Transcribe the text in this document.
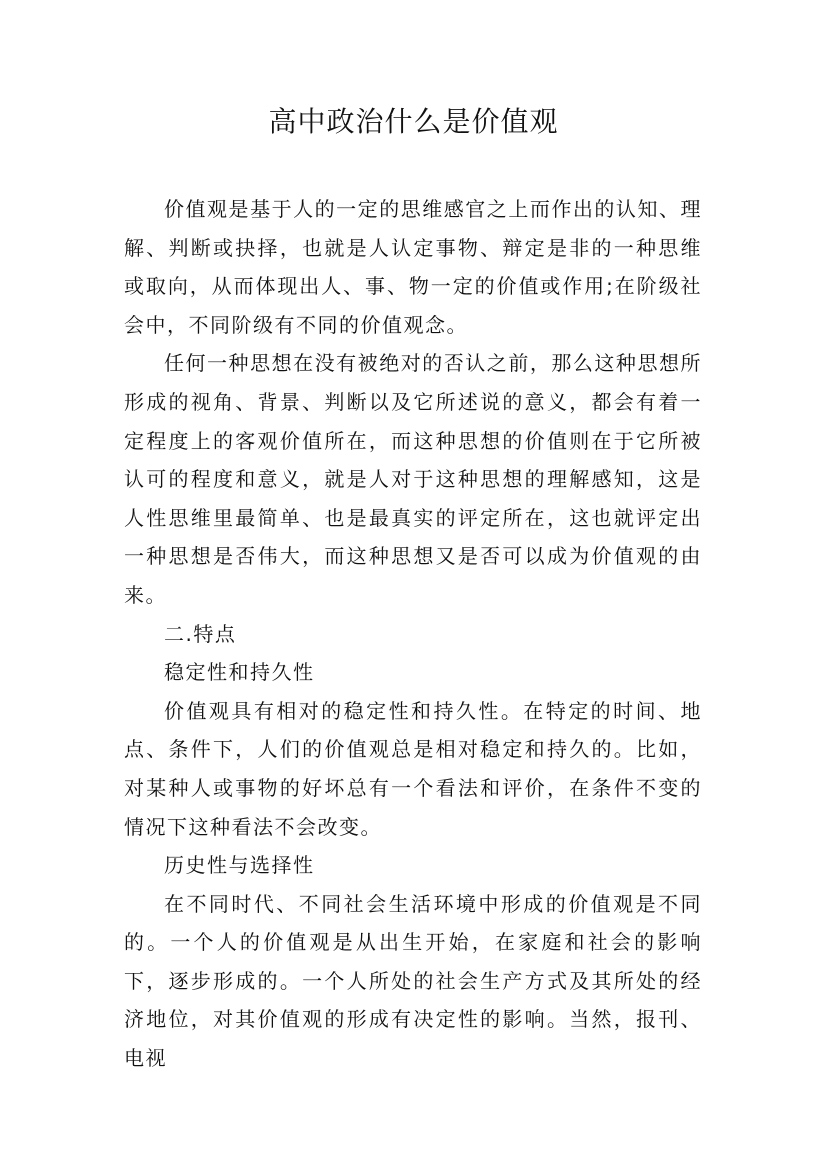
高中政治什么是价值观

价值观是基于人的一定的思维感官之上而作出的认知、理解、判断或抉择，也就是人认定事物、辩定是非的一种思维或取向，从而体现出人、事、物一定的价值或作用;在阶级社会中，不同阶级有不同的价值观念。

任何一种思想在没有被绝对的否认之前，那么这种思想所形成的视角、背景、判断以及它所述说的意义，都会有着一定程度上的客观价值所在，而这种思想的价值则在于它所被认可的程度和意义，就是人对于这种思想的理解感知，这是人性思维里最简单、也是最真实的评定所在，这也就评定出一种思想是否伟大，而这种思想又是否可以成为价值观的由来。

二.特点

稳定性和持久性

价值观具有相对的稳定性和持久性。在特定的时间、地点、条件下，人们的价值观总是相对稳定和持久的。比如，对某种人或事物的好坏总有一个看法和评价，在条件不变的情况下这种看法不会改变。

历史性与选择性

在不同时代、不同社会生活环境中形成的价值观是不同的。一个人的价值观是从出生开始，在家庭和社会的影响下，逐步形成的。一个人所处的社会生产方式及其所处的经济地位，对其价值观的形成有决定性的影响。当然，报刊、电视
